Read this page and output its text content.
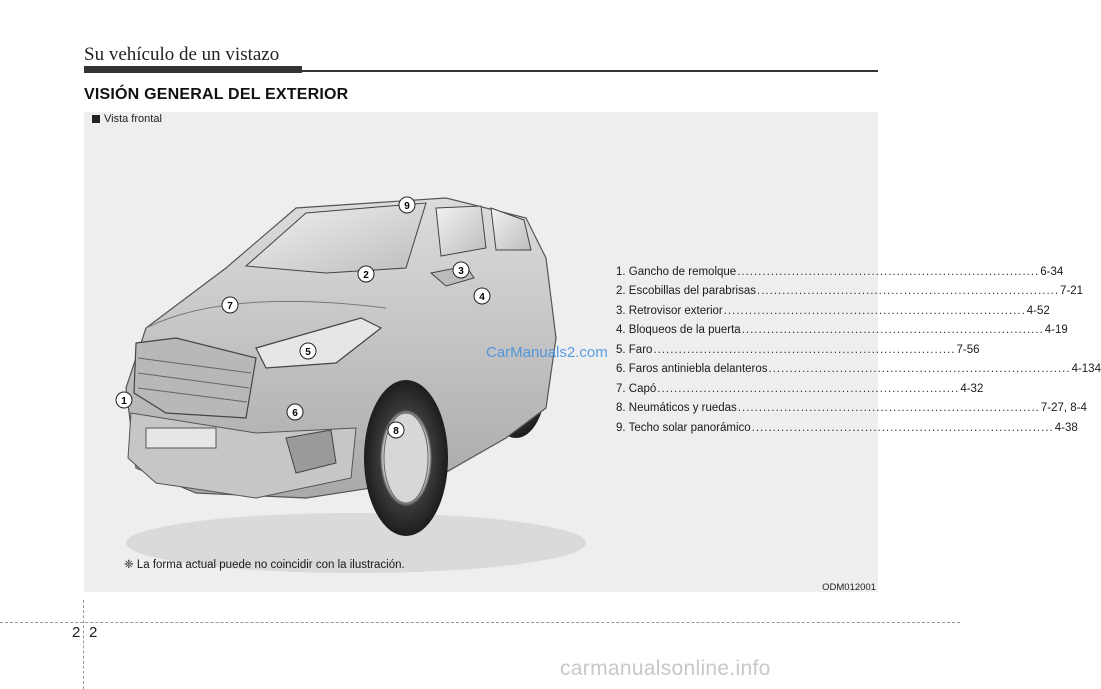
Su vehículo de un vistazo
VISIÓN GENERAL DEL EXTERIOR
Vista frontal
1
2	3
4
5
6
7
8
9
CarManuals2.com
1. Gancho de remolque ........................................................................ 6-34
2. Escobillas del parabrisas ........................................................................ 7-21
3. Retrovisor exterior ........................................................................ 4-52
4. Bloqueos de la puerta ........................................................................ 4-19
5. Faro ........................................................................ 7-56
6. Faros antiniebla delanteros ........................................................................ 4-134
7. Capó ........................................................................ 4-32
8. Neumáticos y ruedas ........................................................................ 7-27, 8-4
9. Techo solar panorámico ........................................................................ 4-38
❈ La forma actual puede no coincidir con la ilustración.
ODM012001
2 2
carmanualsonline.info
